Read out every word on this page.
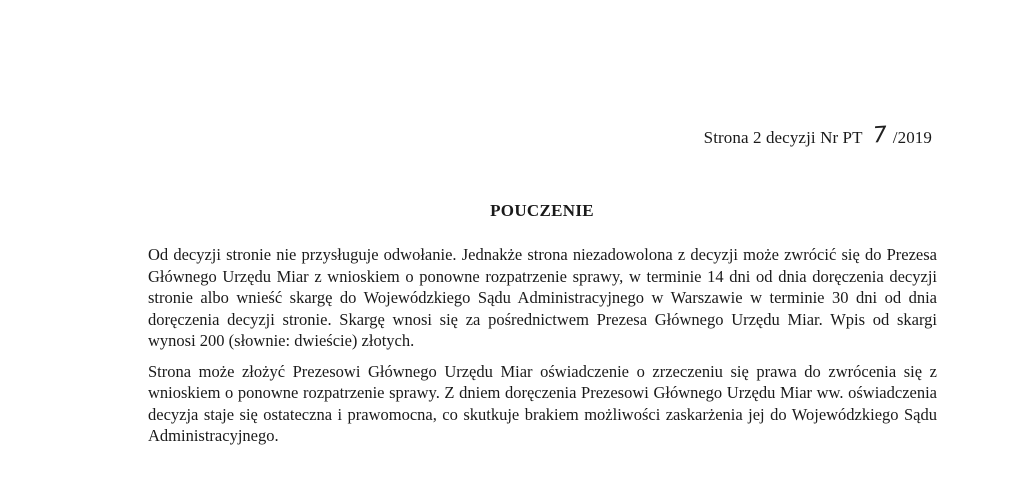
Strona 2 decyzji Nr PT 7 /2019
POUCZENIE

Od decyzji stronie nie przysługuje odwołanie. Jednakże strona niezadowolona z decyzji może zwrócić się do Prezesa Głównego Urzędu Miar z wnioskiem o ponowne rozpatrzenie sprawy, w terminie 14 dni od dnia doręczenia decyzji stronie albo wnieść skargę do Wojewódzkiego Sądu Administracyjnego w Warszawie w terminie 30 dni od dnia doręczenia decyzji stronie. Skargę wnosi się za pośrednictwem Prezesa Głównego Urzędu Miar. Wpis od skargi wynosi 200 (słownie: dwieście) złotych.

Strona może złożyć Prezesowi Głównego Urzędu Miar oświadczenie o zrzeczeniu się prawa do zwrócenia się z wnioskiem o ponowne rozpatrzenie sprawy. Z dniem doręczenia Prezesowi Głównego Urzędu Miar ww. oświadczenia decyzja staje się ostateczna i prawomocna, co skutkuje brakiem możliwości zaskarżenia jej do Wojewódzkiego Sądu Administracyjnego.
